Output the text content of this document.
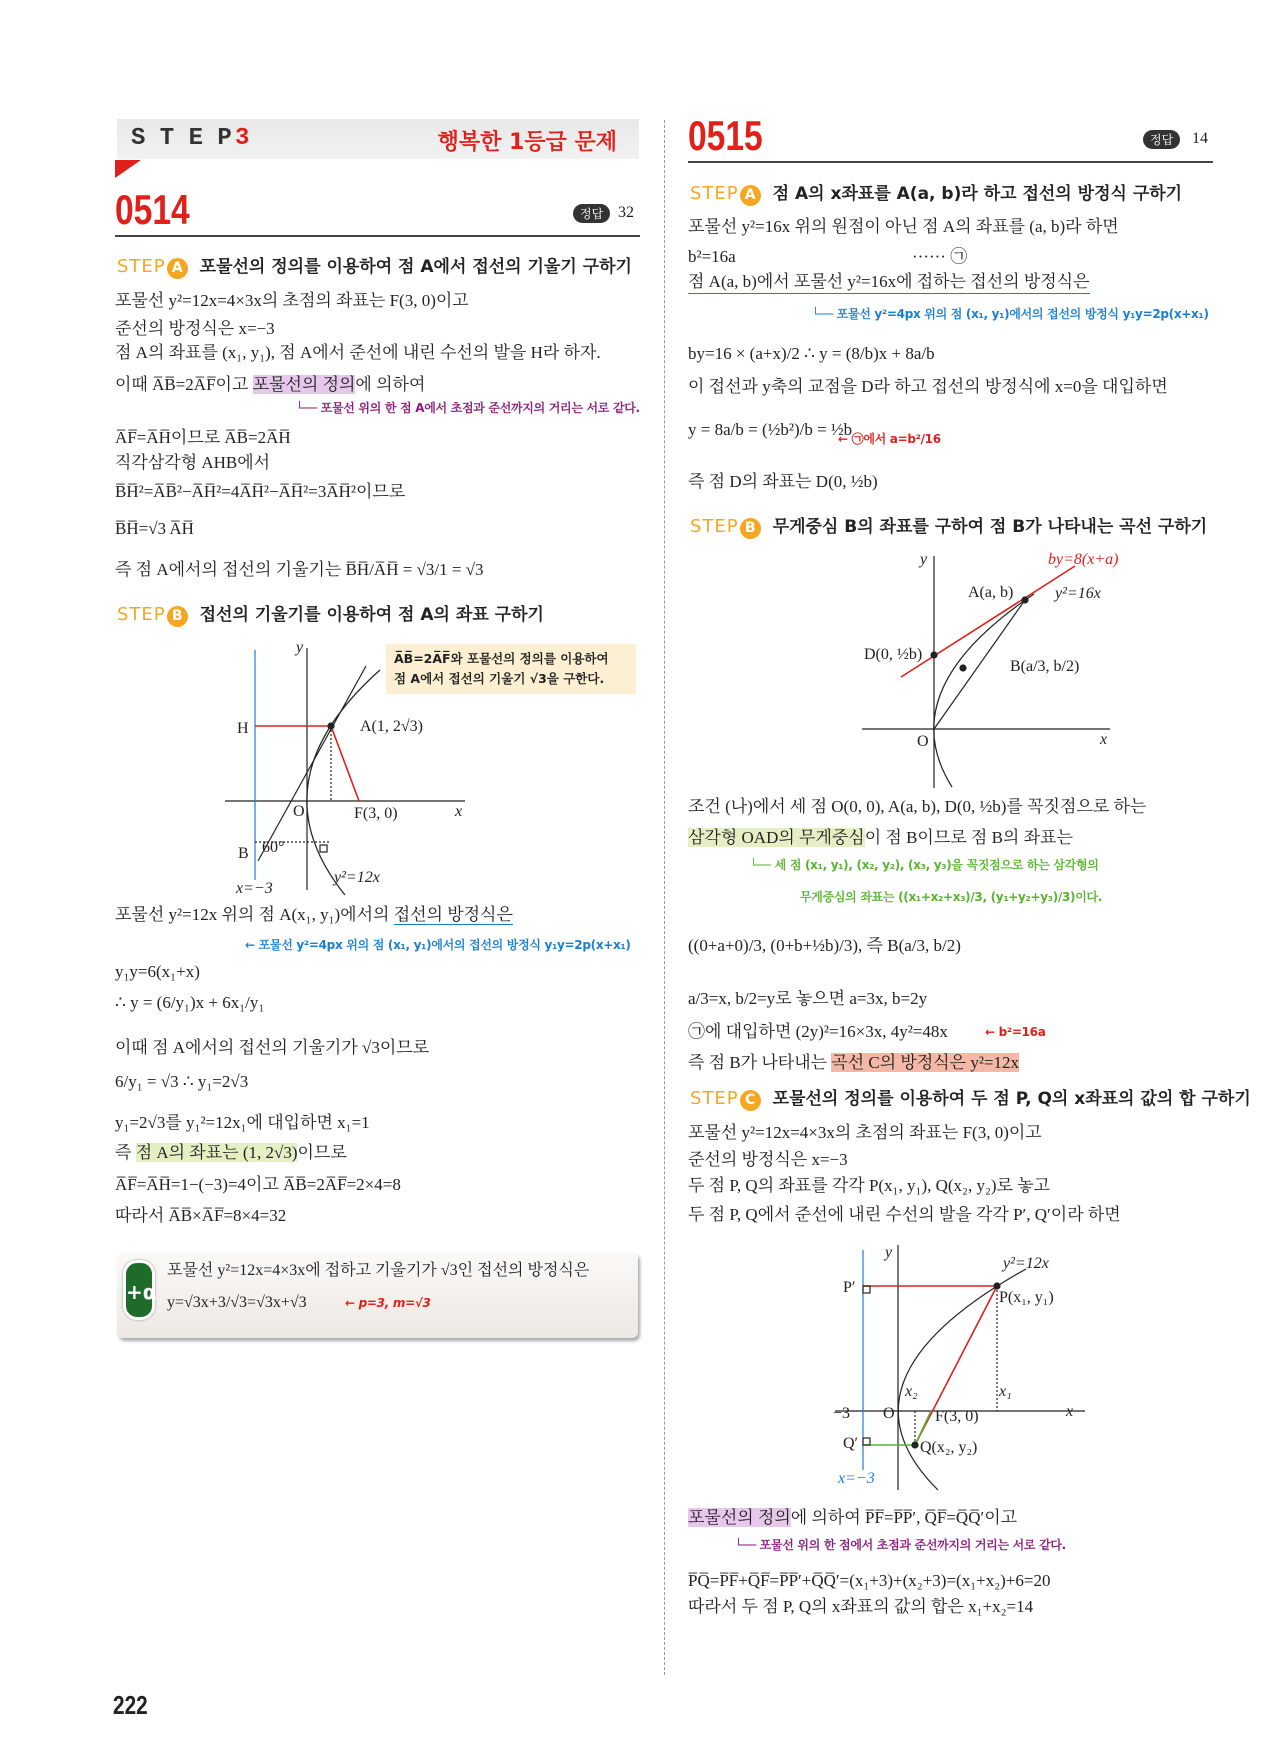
S T E P 3	행복한 1등급 문제
0514	정답 32
STEP A 포물선의 정의를 이용하여 점 A에서 접선의 기울기 구하기
포물선 y²=12x=4×3x의 초점의 좌표는 F(3, 0)이고
준선의 방정식은 x=−3
점 A의 좌표를 (x₁, y₁), 점 A에서 준선에 내린 수선의 발을 H라 하자.
이때 A̅B̅=2A̅F̅이고 포물선의 정의에 의하여
└── 포물선 위의 한 점 A에서 초점과 준선까지의 거리는 서로 같다.
A̅F̅=A̅H̅이므로 A̅B̅=2A̅H̅
직각삼각형 AHB에서
B̅H̅²=A̅B̅²−A̅H̅²=4A̅H̅²−A̅H̅²=3A̅H̅²이므로
B̅H̅=√3 A̅H̅
즉 점 A에서의 접선의 기울기는 B̅H̅/A̅H̅ = √3/1 = √3
STEP B 접선의 기울기를 이용하여 점 A의 좌표 구하기
A̅B̅=2A̅F̅와 포물선의 정의를 이용하여
점 A에서 접선의 기울기 √3을 구한다.
포물선 y²=12x 위의 점 A(x₁, y₁)에서의 접선의 방정식은
← 포물선 y²=4px 위의 점 (x₁, y₁)에서의 접선의 방정식 y₁y=2p(x+x₁)
y₁y=6(x₁+x)
∴ y = (6/y₁)x + 6x₁/y₁
이때 점 A에서의 접선의 기울기가 √3이므로
6/y₁ = √3 ∴ y₁=2√3
y₁=2√3를 y₁²=12x₁에 대입하면 x₁=1
즉 점 A의 좌표는 (1, 2√3)이므로
A̅F̅=A̅H̅=1−(−3)=4이고 A̅B̅=2A̅F̅=2×4=8
따라서 A̅B̅×A̅F̅=8×4=32
+α
포물선 y²=12x=4×3x에 접하고 기울기가 √3인 접선의 방정식은
y=√3x+3/√3=√3x+√3	← p=3, m=√3
222
0515	정답	14
STEP A 점 A의 x좌표를 A(a, b)라 하고 접선의 방정식 구하기
포물선 y²=16x 위의 원점이 아닌 점 A의 좌표를 (a, b)라 하면
b²=16a	······ ㉠
점 A(a, b)에서 포물선 y²=16x에 접하는 접선의 방정식은
└── 포물선 y²=4px 위의 점 (x₁, y₁)에서의 접선의 방정식 y₁y=2p(x+x₁)
by=16 × (a+x)/2 ∴ y = (8/b)x + 8a/b
이 접선과 y축의 교점을 D라 하고 접선의 방정식에 x=0을 대입하면
y = 8a/b = (½b²)/b = ½b
← ㉠에서 a=b²/16
즉 점 D의 좌표는 D(0, ½b)
STEP B 무게중심 B의 좌표를 구하여 점 B가 나타내는 곡선 구하기
조건 (나)에서 세 점 O(0, 0), A(a, b), D(0, ½b)를 꼭짓점으로 하는
삼각형 OAD의 무게중심이 점 B이므로 점 B의 좌표는
└── 세 점 (x₁, y₁), (x₂, y₂), (x₃, y₃)을 꼭짓점으로 하는 삼각형의
무게중심의 좌표는 ((x₁+x₂+x₃)/3, (y₁+y₂+y₃)/3)이다.
((0+a+0)/3, (0+b+½b)/3), 즉 B(a/3, b/2)
a/3=x, b/2=y로 놓으면 a=3x, b=2y
㉠에 대입하면 (2y)²=16×3x, 4y²=48x	← b²=16a
즉 점 B가 나타내는 곡선 C의 방정식은 y²=12x
STEP C 포물선의 정의를 이용하여 두 점 P, Q의 x좌표의 값의 합 구하기
포물선 y²=12x=4×3x의 초점의 좌표는 F(3, 0)이고
준선의 방정식은 x=−3
두 점 P, Q의 좌표를 각각 P(x₁, y₁), Q(x₂, y₂)로 놓고
두 점 P, Q에서 준선에 내린 수선의 발을 각각 P′, Q′이라 하면
포물선의 정의에 의하여 P̅F̅=P̅P̅′, Q̅F̅=Q̅Q̅′이고
└── 포물선 위의 한 점에서 초점과 준선까지의 거리는 서로 같다.
P̅Q̅=P̅F̅+Q̅F̅=P̅P̅′+Q̅Q̅′=(x₁+3)+(x₂+3)=(x₁+x₂)+6=20
따라서 두 점 P, Q의 x좌표의 값의 합은 x₁+x₂=14
y
x
H
O
A(1, 2√3)
F(3, 0)
B 60°
x=−3
y²=12x
y
x
O
A(a, b)
D(0, ½b)
B(a/3, b/2)
by=8(x+a)
y²=16x
y
x
y²=12x
P′
P(x₁, y₁)
x₂	x₁
−3 O	F(3, 0)
Q′	Q(x₂, y₂)
x=−3
